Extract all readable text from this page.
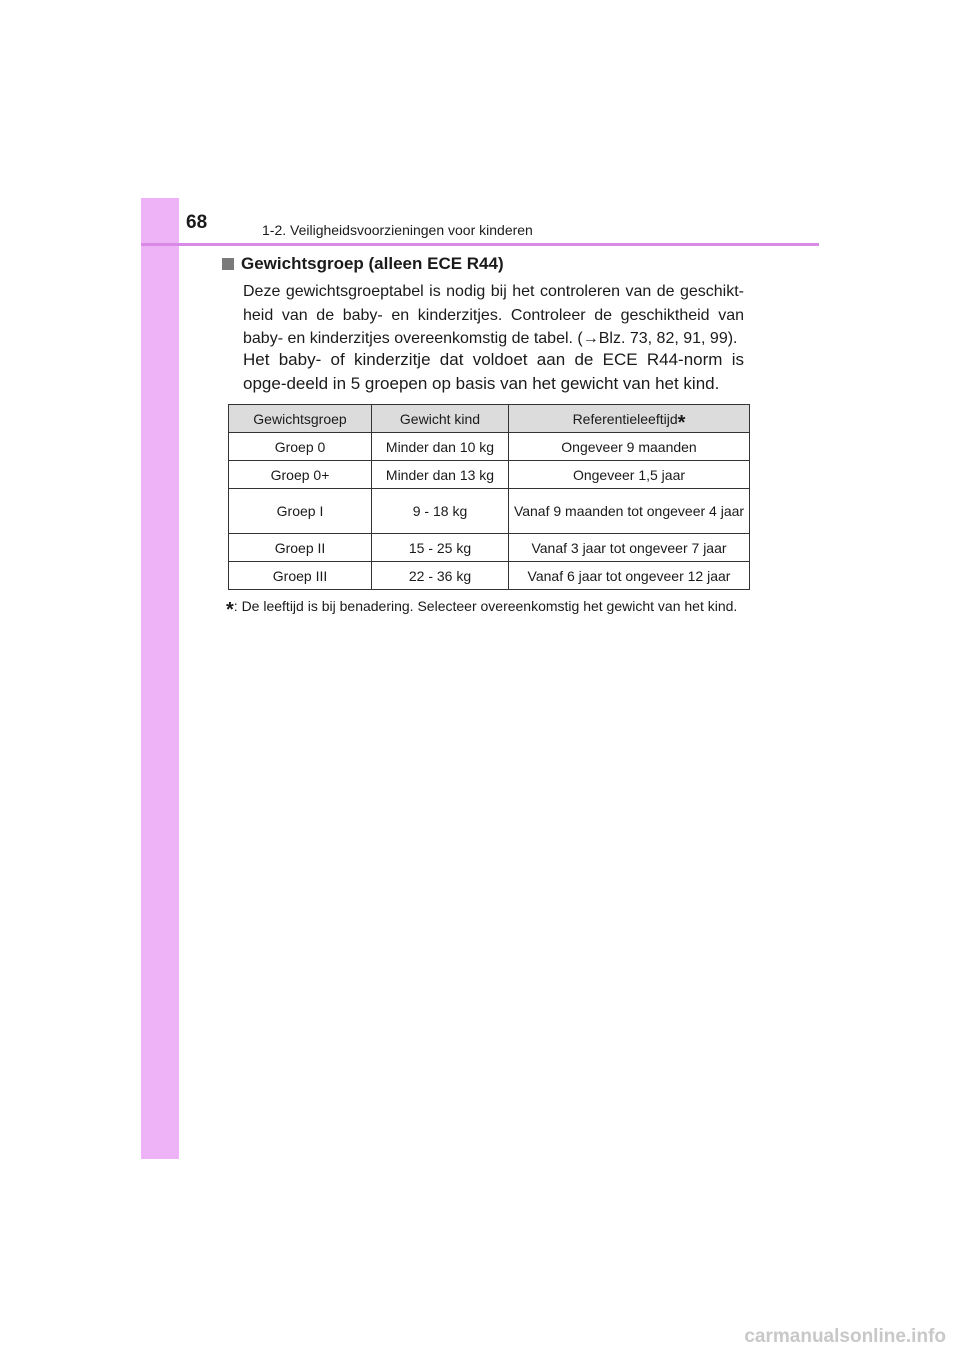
68	1-2. Veiligheidsvoorzieningen voor kinderen
Gewichtsgroep (alleen ECE R44)

Deze gewichtsgroeptabel is nodig bij het controleren van de geschikt-heid van de baby- en kinderzitjes. Controleer de geschiktheid van baby- en kinderzitjes overeenkomstig de tabel. (→Blz. 73, 82, 91, 99).

Het baby- of kinderzitje dat voldoet aan de ECE R44-norm is opge-deeld in 5 groepen op basis van het gewicht van het kind.

Gewichtsgroep	Gewicht kind	Referentieleeftijd*
Groep 0	Minder dan 10 kg	Ongeveer 9 maanden
Groep 0+	Minder dan 13 kg	Ongeveer 1,5 jaar
Groep I	9 - 18 kg	Vanaf 9 maanden tot ongeveer 4 jaar
Groep II	15 - 25 kg	Vanaf 3 jaar tot ongeveer 7 jaar
Groep III	22 - 36 kg	Vanaf 6 jaar tot ongeveer 12 jaar
*: De leeftijd is bij benadering. Selecteer overeenkomstig het gewicht van het kind.
carmanualsonline.info
